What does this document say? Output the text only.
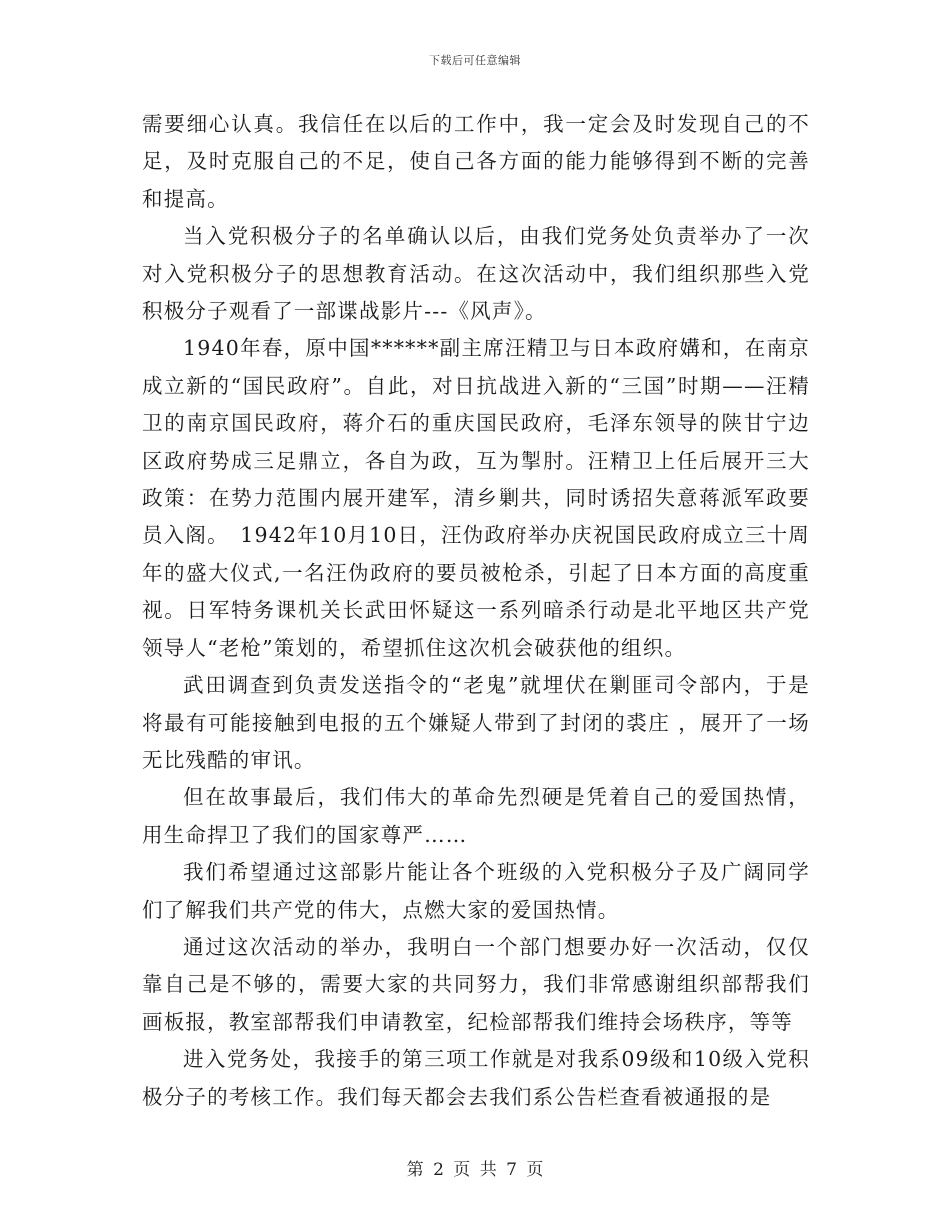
下载后可任意编辑

需要细心认真。我信任在以后的工作中，我一定会及时发现自己的不足，及时克服自己的不足，使自己各方面的能力能够得到不断的完善和提高。

当入党积极分子的名单确认以后，由我们党务处负责举办了一次对入党积极分子的思想教育活动。在这次活动中，我们组织那些入党积极分子观看了一部谍战影片---《风声》。

1940年春，原中国******副主席汪精卫与日本政府媾和，在南京成立新的“国民政府”。自此，对日抗战进入新的“三国”时期——汪精卫的南京国民政府，蒋介石的重庆国民政府，毛泽东领导的陕甘宁边区政府势成三足鼎立，各自为政，互为掣肘。汪精卫上任后展开三大政策：在势力范围内展开建军，清乡剿共，同时诱招失意蒋派军政要员入阁。　1942年10月10日，汪伪政府举办庆祝国民政府成立三十周年的盛大仪式,一名汪伪政府的要员被枪杀，引起了日本方面的高度重视。日军特务课机关长武田怀疑这一系列暗杀行动是北平地区共产党领导人“老枪”策划的，希望抓住这次机会破获他的组织。

武田调查到负责发送指令的“老鬼”就埋伏在剿匪司令部内，于是将最有可能接触到电报的五个嫌疑人带到了封闭的裘庄 ，展开了一场无比残酷的审讯。

但在故事最后，我们伟大的革命先烈硬是凭着自己的爱国热情，用生命捍卫了我们的国家尊严……

我们希望通过这部影片能让各个班级的入党积极分子及广阔同学们了解我们共产党的伟大，点燃大家的爱国热情。

通过这次活动的举办，我明白一个部门想要办好一次活动，仅仅靠自己是不够的，需要大家的共同努力，我们非常感谢组织部帮我们画板报，教室部帮我们申请教室，纪检部帮我们维持会场秩序，等等

进入党务处，我接手的第三项工作就是对我系09级和10级入党积极分子的考核工作。我们每天都会去我们系公告栏查看被通报的是

第 2 页 共 7 页
